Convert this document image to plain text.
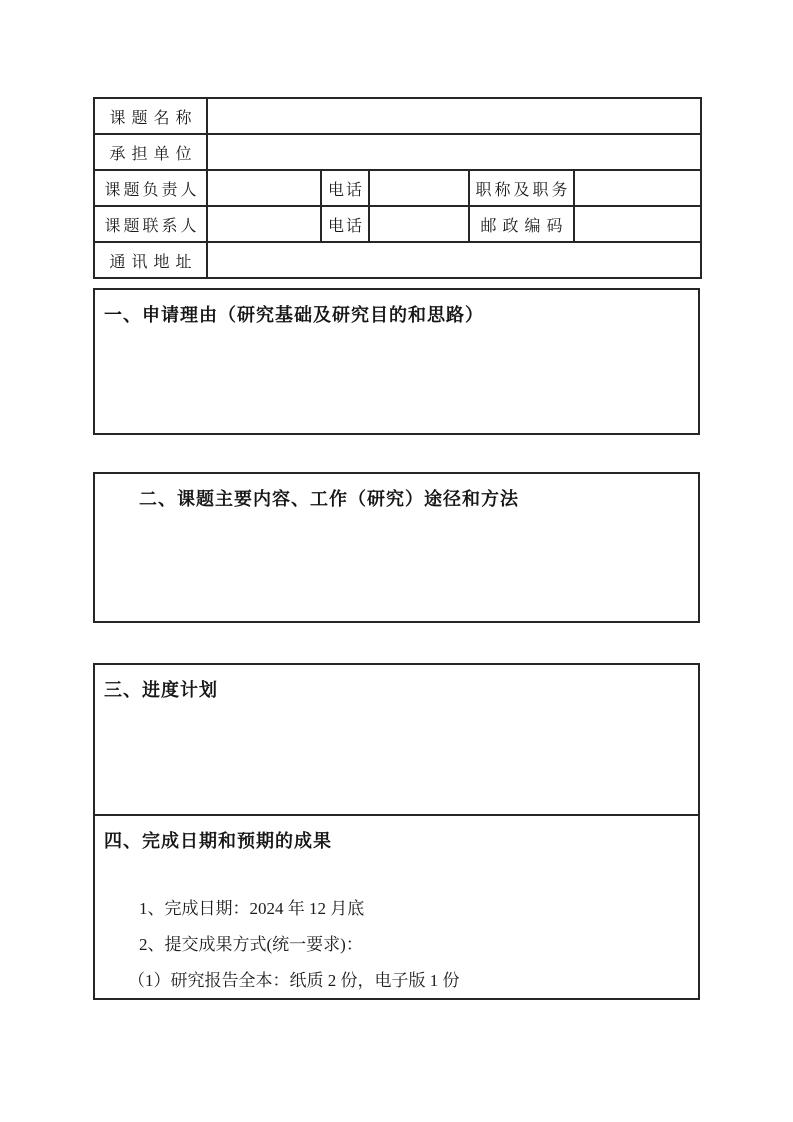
课题名称					
承担单位					
课题负责人		电话		职称及职务	
课题联系人		电话		邮政编码	
通讯地址					
一、申请理由（研究基础及研究目的和思路）
二、课题主要内容、工作（研究）途径和方法
三、进度计划
四、完成日期和预期的成果
1、完成日期：2024 年 12 月底
2、提交成果方式(统一要求)：
（1）研究报告全本：纸质 2 份，电子版 1 份
